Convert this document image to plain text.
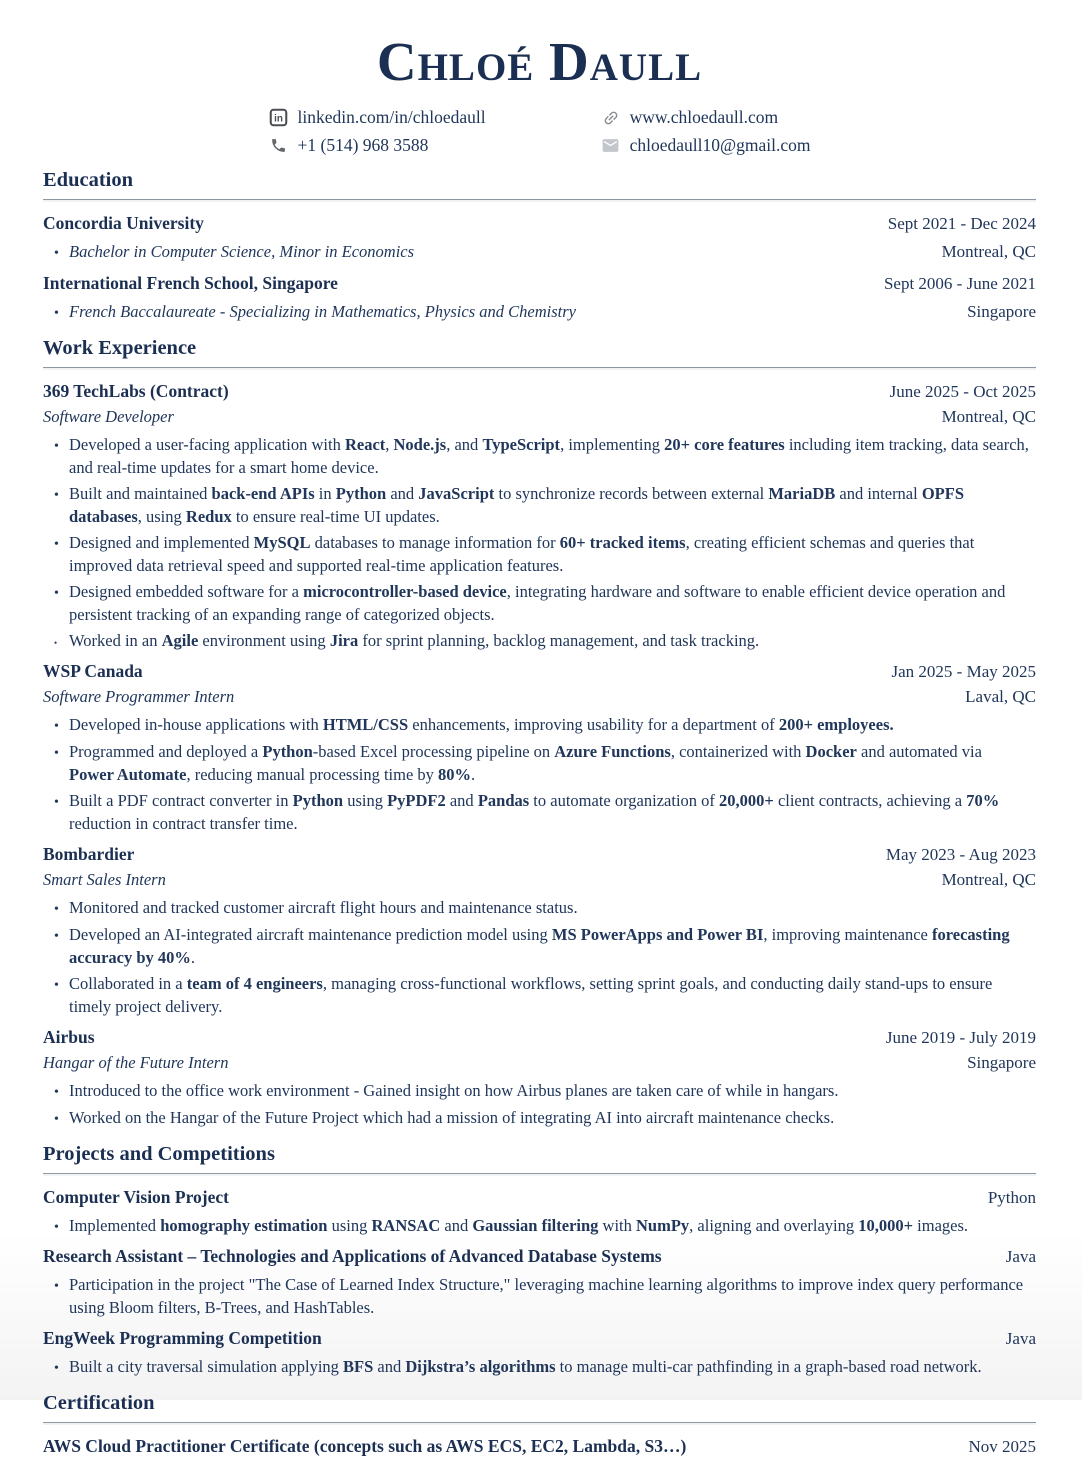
Chloé Daull
in linkedin.com/in/chloedaull	www.chloedaull.com
+1 (514) 968 3588	chloedaull10@gmail.com
Education
Concordia University	Sept 2021 - Dec 2024
• Bachelor in Computer Science, Minor in Economics	Montreal, QC
International French School, Singapore	Sept 2006 - June 2021
• French Baccalaureate - Specializing in Mathematics, Physics and Chemistry	Singapore
Work Experience
369 TechLabs (Contract)	June 2025 - Oct 2025
Software Developer	Montreal, QC
• Developed a user-facing application with React, Node.js, and TypeScript, implementing 20+ core features including item tracking, data search, and real-time updates for a smart home device.
• Built and maintained back-end APIs in Python and JavaScript to synchronize records between external MariaDB and internal OPFS databases, using Redux to ensure real-time UI updates.
• Designed and implemented MySQL databases to manage information for 60+ tracked items, creating efficient schemas and queries that improved data retrieval speed and supported real-time application features.
• Designed embedded software for a microcontroller-based device, integrating hardware and software to enable efficient device operation and persistent tracking of an expanding range of categorized objects.
• Worked in an Agile environment using Jira for sprint planning, backlog management, and task tracking.
WSP Canada	Jan 2025 - May 2025
Software Programmer Intern	Laval, QC
• Developed in-house applications with HTML/CSS enhancements, improving usability for a department of 200+ employees.
• Programmed and deployed a Python-based Excel processing pipeline on Azure Functions, containerized with Docker and automated via Power Automate, reducing manual processing time by 80%.
• Built a PDF contract converter in Python using PyPDF2 and Pandas to automate organization of 20,000+ client contracts, achieving a 70% reduction in contract transfer time.
Bombardier	May 2023 - Aug 2023
Smart Sales Intern	Montreal, QC
• Monitored and tracked customer aircraft flight hours and maintenance status.
• Developed an AI-integrated aircraft maintenance prediction model using MS PowerApps and Power BI, improving maintenance forecasting accuracy by 40%.
• Collaborated in a team of 4 engineers, managing cross-functional workflows, setting sprint goals, and conducting daily stand-ups to ensure timely project delivery.
Airbus	June 2019 - July 2019
Hangar of the Future Intern	Singapore
• Introduced to the office work environment - Gained insight on how Airbus planes are taken care of while in hangars.
• Worked on the Hangar of the Future Project which had a mission of integrating AI into aircraft maintenance checks.
Projects and Competitions
Computer Vision Project	Python
• Implemented homography estimation using RANSAC and Gaussian filtering with NumPy, aligning and overlaying 10,000+ images.
Research Assistant – Technologies and Applications of Advanced Database Systems	Java
• Participation in the project "The Case of Learned Index Structure," leveraging machine learning algorithms to improve index query performance using Bloom filters, B-Trees, and HashTables.
EngWeek Programming Competition	Java
• Built a city traversal simulation applying BFS and Dijkstra’s algorithms to manage multi-car pathfinding in a graph-based road network.
Certification
AWS Cloud Practitioner Certificate (concepts such as AWS ECS, EC2, Lambda, S3…)	Nov 2025
